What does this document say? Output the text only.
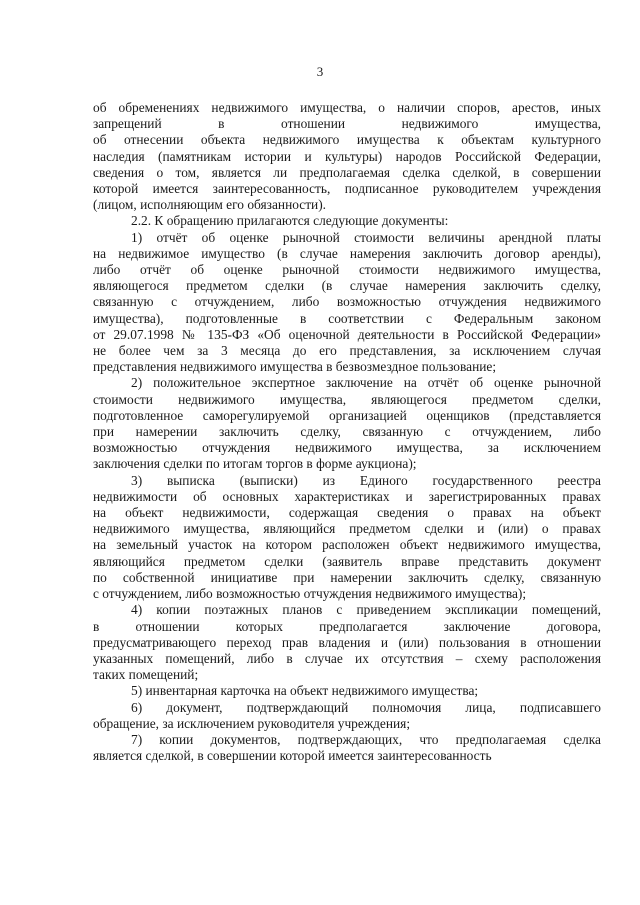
3
об обременениях недвижимого имущества, о наличии споров, арестов, иных
запрещений в отношении недвижимого имущества,
об отнесении объекта недвижимого имущества к объектам культурного
наследия (памятникам истории и культуры) народов Российской Федерации,
сведения о том, является ли предполагаемая сделка сделкой, в совершении
которой имеется заинтересованность, подписанное руководителем учреждения
(лицом, исполняющим его обязанности).
2.2. К обращению прилагаются следующие документы:
1) отчёт об оценке рыночной стоимости величины арендной платы
на недвижимое имущество (в случае намерения заключить договор аренды),
либо отчёт об оценке рыночной стоимости недвижимого имущества,
являющегося предметом сделки (в случае намерения заключить сделку,
связанную с отчуждением, либо возможностью отчуждения недвижимого
имущества), подготовленные в соответствии с Федеральным законом
от 29.07.1998 № 135-ФЗ «Об оценочной деятельности в Российской Федерации»
не более чем за 3 месяца до его представления, за исключением случая
представления недвижимого имущества в безвозмездное пользование;
2) положительное экспертное заключение на отчёт об оценке рыночной
стоимости недвижимого имущества, являющегося предметом сделки,
подготовленное саморегулируемой организацией оценщиков (представляется
при намерении заключить сделку, связанную с отчуждением, либо
возможностью отчуждения недвижимого имущества, за исключением
заключения сделки по итогам торгов в форме аукциона);
3) выписка (выписки) из Единого государственного реестра
недвижимости об основных характеристиках и зарегистрированных правах
на объект недвижимости, содержащая сведения о правах на объект
недвижимого имущества, являющийся предметом сделки и (или) о правах
на земельный участок на котором расположен объект недвижимого имущества,
являющийся предметом сделки (заявитель вправе представить документ
по собственной инициативе при намерении заключить сделку, связанную
с отчуждением, либо возможностью отчуждения недвижимого имущества);
4) копии поэтажных планов с приведением экспликации помещений,
в отношении которых предполагается заключение договора,
предусматривающего переход прав владения и (или) пользования в отношении
указанных помещений, либо в случае их отсутствия – схему расположения
таких помещений;
5) инвентарная карточка на объект недвижимого имущества;
6) документ, подтверждающий полномочия лица, подписавшего
обращение, за исключением руководителя учреждения;
7) копии документов, подтверждающих, что предполагаемая сделка
является сделкой, в совершении которой имеется заинтересованность
